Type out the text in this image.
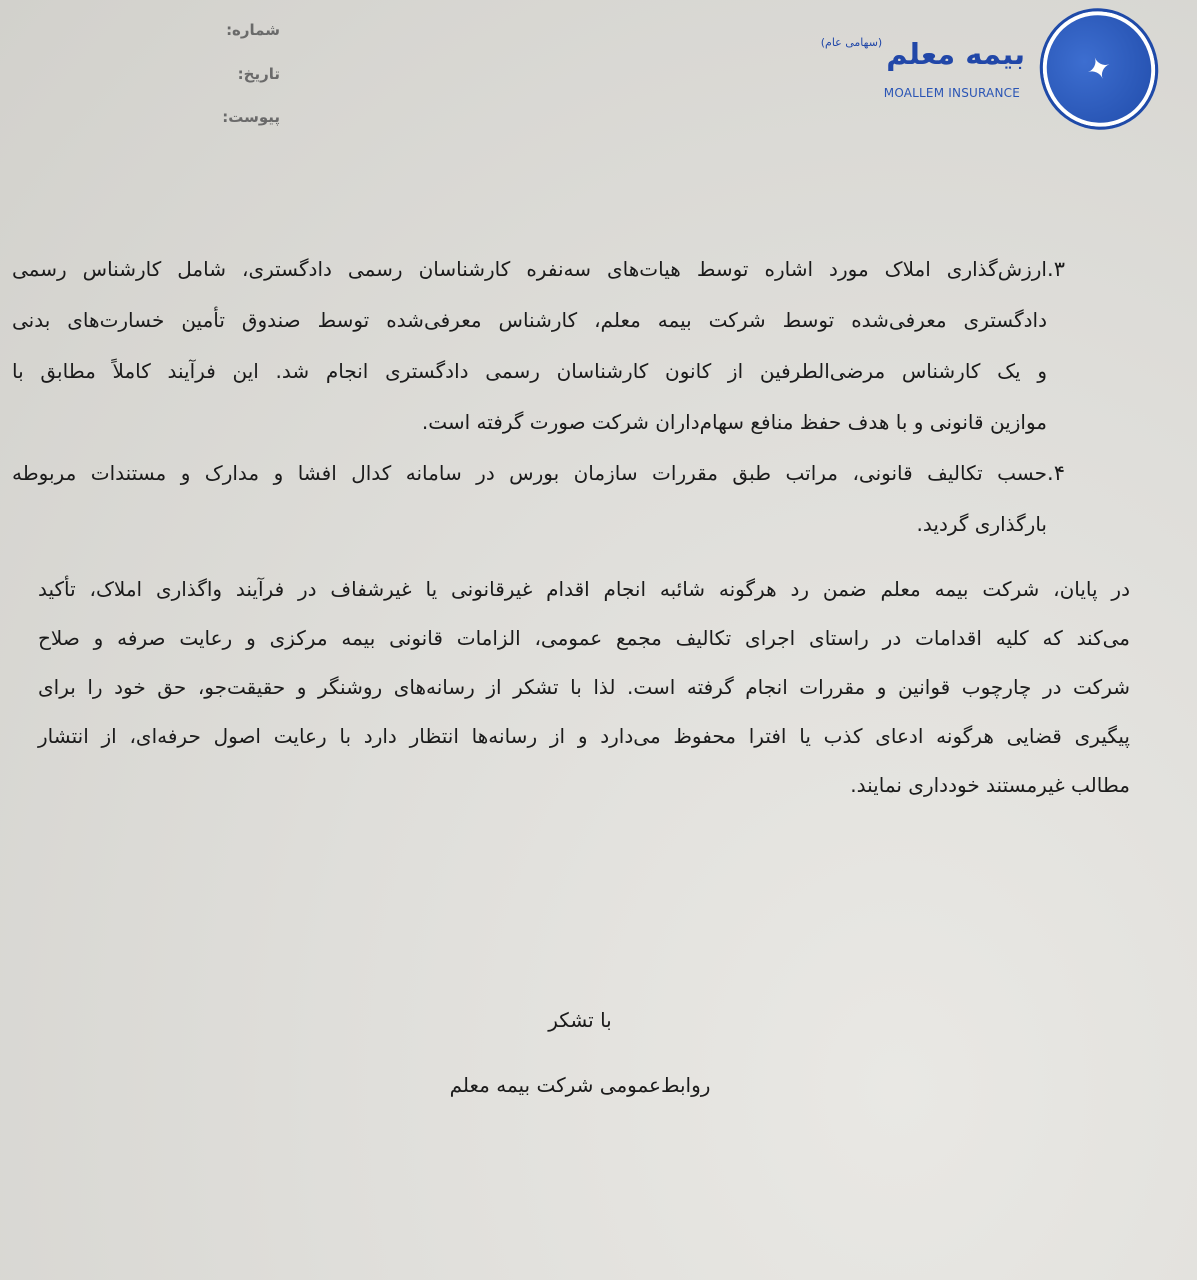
شماره:
تاریخ:
پیوست:
✦
بیمه معلم$^{(سهامی عام)}$
MOALLEM INSURANCE
۳.
ارزش‌گذاری املاک مورد اشاره توسط هیات‌های سه‌نفره کارشناسان رسمی دادگستری، شامل کارشناس رسمی
دادگستری معرفی‌شده توسط شرکت بیمه معلم، کارشناس معرفی‌شده توسط صندوق تأمین خسارت‌های بدنی
و یک کارشناس مرضی‌الطرفین از کانون کارشناسان رسمی دادگستری انجام شد. این فرآیند کاملاً مطابق با
موازین قانونی و با هدف حفظ منافع سهام‌داران شرکت صورت گرفته است.
۴.
حسب تکالیف قانونی، مراتب طبق مقررات سازمان بورس در سامانه کدال افشا و مدارک و مستندات مربوطه
بارگذاری گردید.
در پایان، شرکت بیمه معلم ضمن رد هرگونه شائبه انجام اقدام غیرقانونی یا غیرشفاف در فرآیند واگذاری املاک، تأکید
می‌کند که کلیه اقدامات در راستای اجرای تکالیف مجمع عمومی، الزامات قانونی بیمه مرکزی و رعایت صرفه و صلاح
شرکت در چارچوب قوانین و مقررات انجام گرفته است. لذا با تشکر از رسانه‌های روشنگر و حقیقت‌جو، حق خود را برای
پیگیری قضایی هرگونه ادعای کذب یا افترا محفوظ می‌دارد و از رسانه‌ها انتظار دارد با رعایت اصول حرفه‌ای، از انتشار
مطالب غیرمستند خودداری نمایند.
با تشکر
روابط‌عمومی شرکت بیمه معلم
